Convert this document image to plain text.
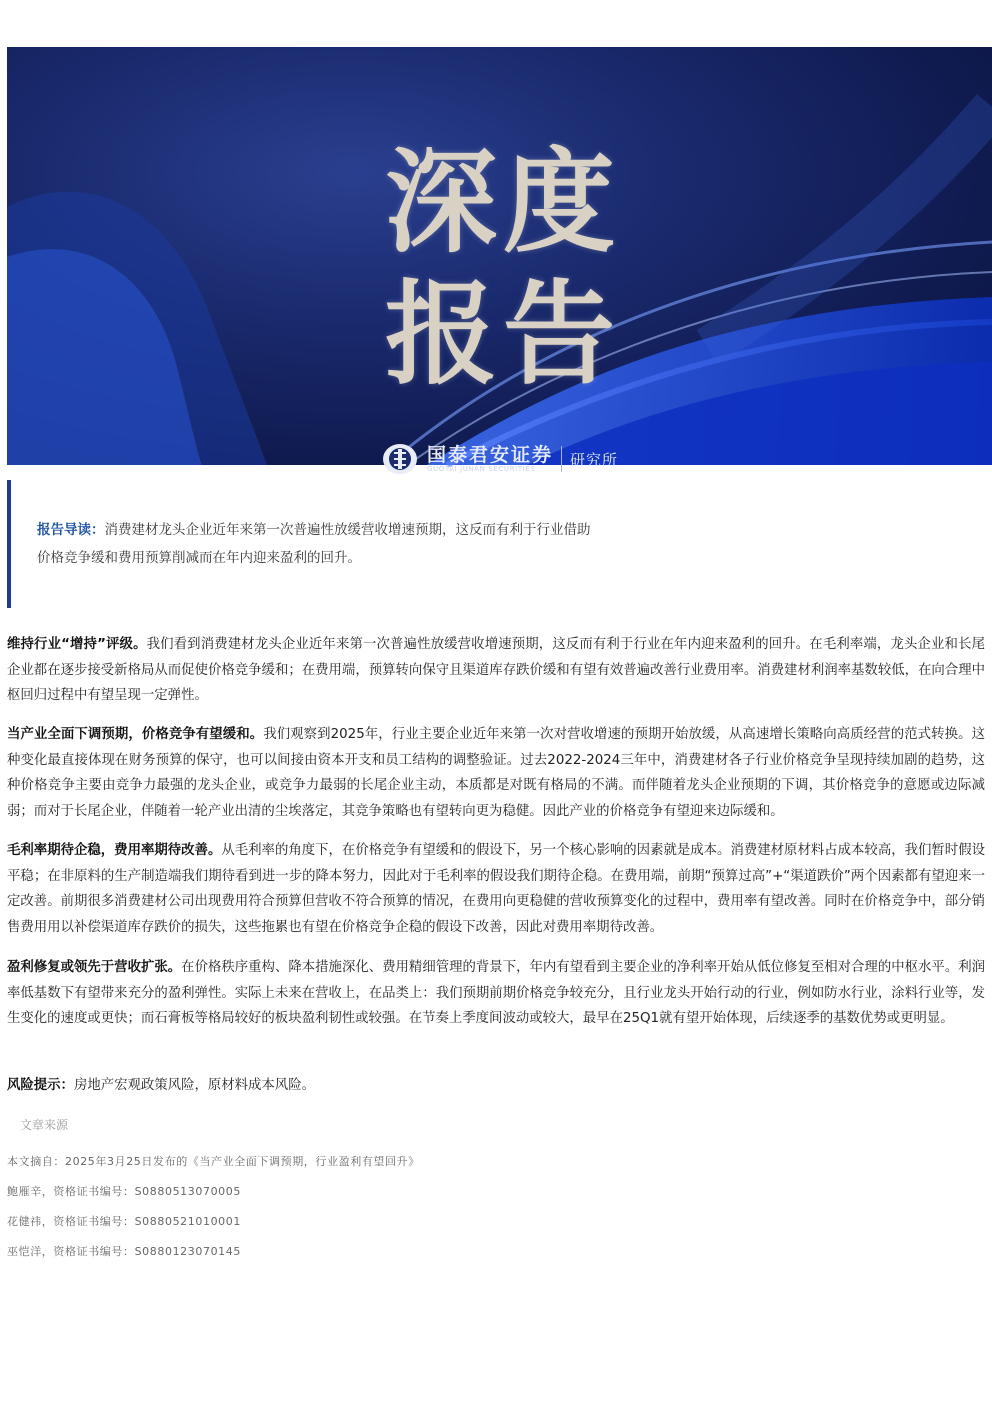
深 度
报 告
国泰君安证券
GUOTAI JUNAN SECURITIES	研究所

报告导读：消费建材龙头企业近年来第一次普遍性放缓营收增速预期，这反而有利于行业借助

价格竞争缓和费用预算削减而在年内迎来盈利的回升。

维持行业“增持”评级。我们看到消费建材龙头企业近年来第一次普遍性放缓营收增速预期，这反而有利于行业在年内迎来盈利的回升。在毛利率端，龙头企业和长尾企业都在逐步接受新格局从而促使价格竞争缓和；在费用端，预算转向保守且渠道库存跌价缓和有望有效普遍改善行业费用率。消费建材利润率基数较低，在向合理中枢回归过程中有望呈现一定弹性。
当产业全面下调预期，价格竞争有望缓和。我们观察到2025年，行业主要企业近年来第一次对营收增速的预期开始放缓，从高速增长策略向高质经营的范式转换。这种变化最直接体现在财务预算的保守，也可以间接由资本开支和员工结构的调整验证。过去2022-2024三年中，消费建材各子行业价格竞争呈现持续加剧的趋势，这种价格竞争主要由竞争力最强的龙头企业，或竞争力最弱的长尾企业主动，本质都是对既有格局的不满。而伴随着龙头企业预期的下调，其价格竞争的意愿或边际减弱；而对于长尾企业，伴随着一轮产业出清的尘埃落定，其竞争策略也有望转向更为稳健。因此产业的价格竞争有望迎来边际缓和。
毛利率期待企稳，费用率期待改善。从毛利率的角度下，在价格竞争有望缓和的假设下，另一个核心影响的因素就是成本。消费建材原材料占成本较高，我们暂时假设平稳；在非原料的生产制造端我们期待看到进一步的降本努力，因此对于毛利率的假设我们期待企稳。在费用端，前期“预算过高”+“渠道跌价”两个因素都有望迎来一定改善。前期很多消费建材公司出现费用符合预算但营收不符合预算的情况，在费用向更稳健的营收预算变化的过程中，费用率有望改善。同时在价格竞争中，部分销售费用用以补偿渠道库存跌价的损失，这些拖累也有望在价格竞争企稳的假设下改善，因此对费用率期待改善。
盈利修复或领先于营收扩张。在价格秩序重构、降本措施深化、费用精细管理的背景下，年内有望看到主要企业的净利率开始从低位修复至相对合理的中枢水平。利润率低基数下有望带来充分的盈利弹性。实际上未来在营收上，在品类上：我们预期前期价格竞争较充分，且行业龙头开始行动的行业，例如防水行业，涂料行业等，发生变化的速度或更快；而石膏板等格局较好的板块盈利韧性或较强。在节奏上季度间波动或较大，最早在25Q1就有望开始体现，后续逐季的基数优势或更明显。
风险提示：房地产宏观政策风险，原材料成本风险。
文章来源
本文摘自：2025年3月25日发布的《当产业全面下调预期，行业盈利有望回升》
鲍雁辛，资格证书编号：S0880513070005
花健祎，资格证书编号：S0880521010001
巫恺洋，资格证书编号：S0880123070145
